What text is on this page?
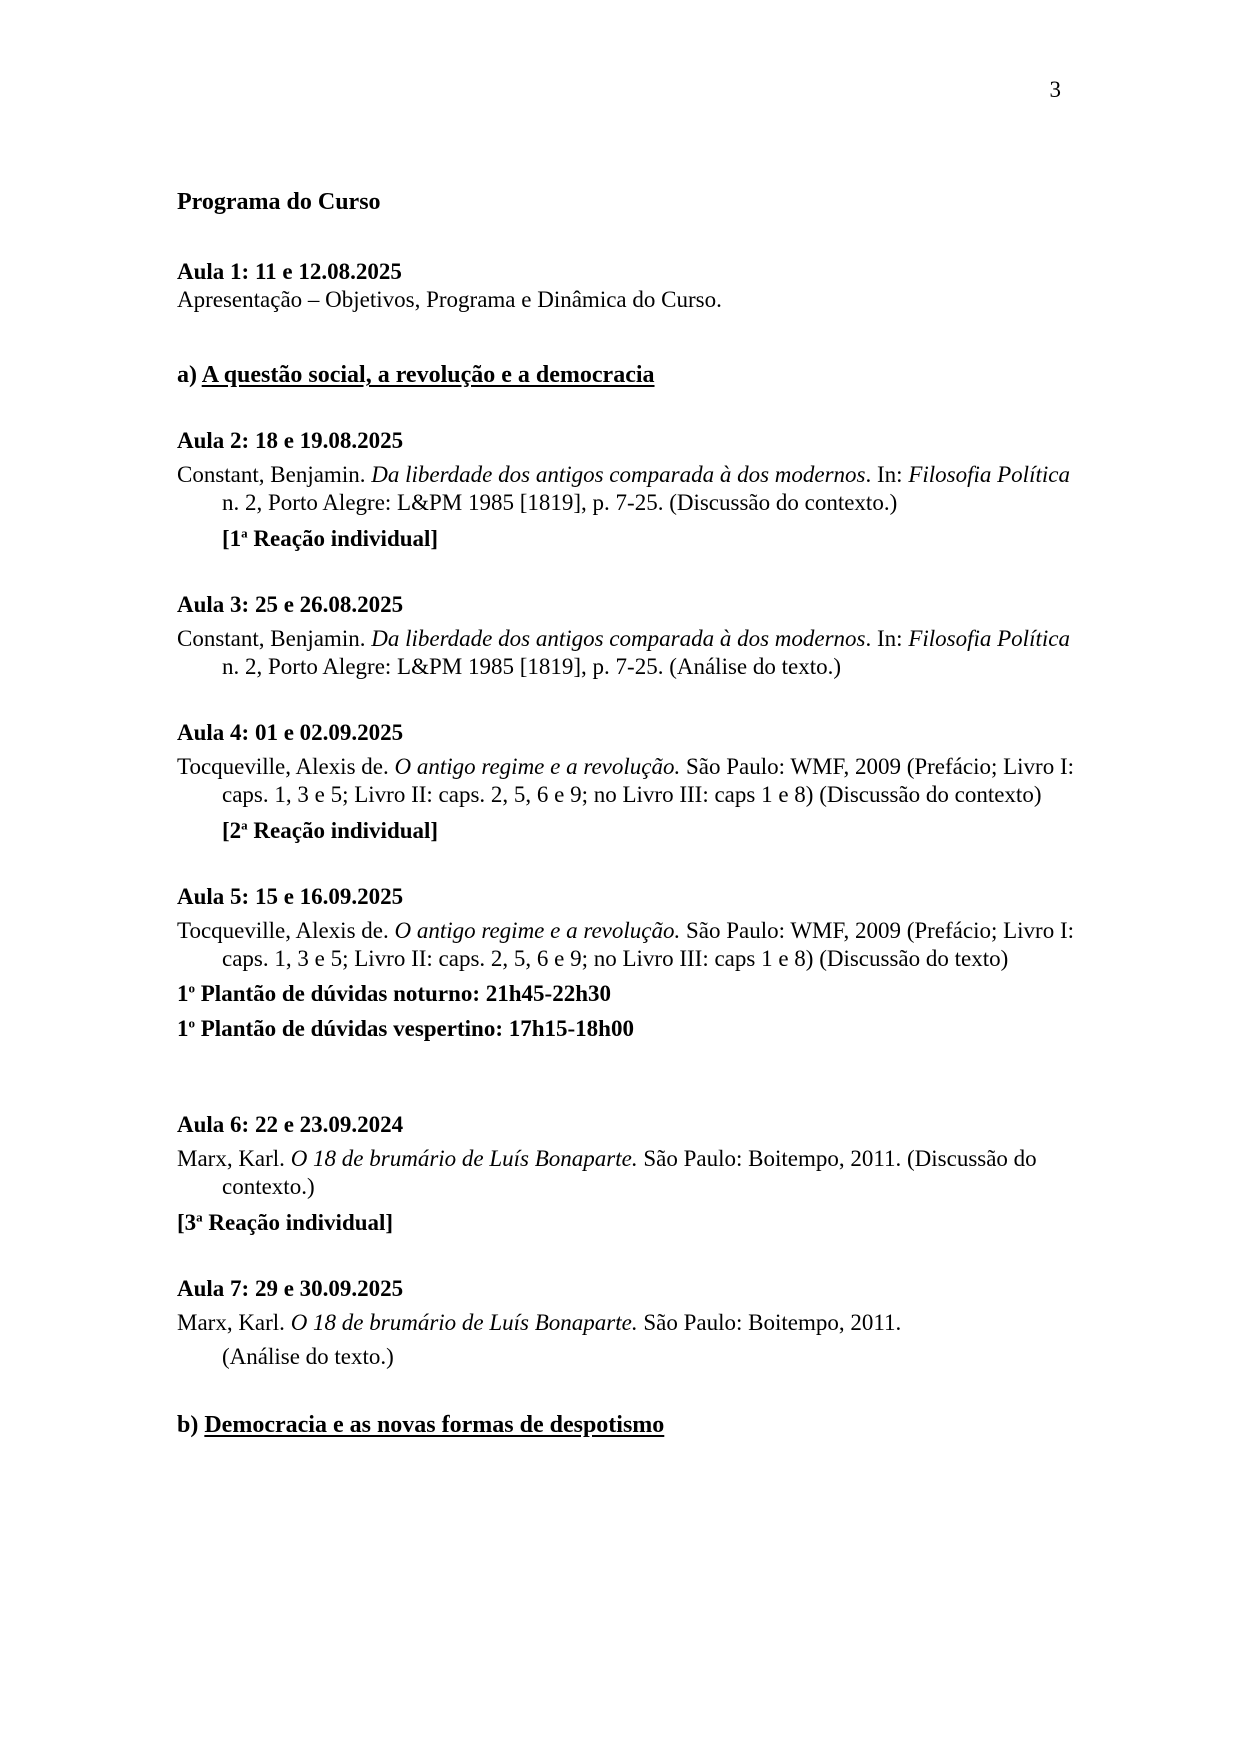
3

Programa do Curso

Aula 1: 11 e 12.08.2025

Apresentação – Objetivos, Programa e Dinâmica do Curso.

a) A questão social, a revolução e a democracia

Aula 2: 18 e 19.08.2025

Constant, Benjamin. Da liberdade dos antigos comparada à dos modernos. In: Filosofia Política n. 2, Porto Alegre: L&PM 1985 [1819], p. 7-25. (Discussão do contexto.)

[1$^a$ Reação individual]

Aula 3: 25 e 26.08.2025

Constant, Benjamin. Da liberdade dos antigos comparada à dos modernos. In: Filosofia Política n. 2, Porto Alegre: L&PM 1985 [1819], p. 7-25. (Análise do texto.)

Aula 4: 01 e 02.09.2025

Tocqueville, Alexis de. O antigo regime e a revolução. São Paulo: WMF, 2009 (Prefácio; Livro I: caps. 1, 3 e 5; Livro II: caps. 2, 5, 6 e 9; no Livro III: caps 1 e 8) (Discussão do contexto)

[2$^a$ Reação individual]

Aula 5: 15 e 16.09.2025

Tocqueville, Alexis de. O antigo regime e a revolução. São Paulo: WMF, 2009 (Prefácio; Livro I: caps. 1, 3 e 5; Livro II: caps. 2, 5, 6 e 9; no Livro III: caps 1 e 8) (Discussão do texto)

1$^o$ Plantão de dúvidas noturno: 21h45-22h30

1$^o$ Plantão de dúvidas vespertino: 17h15-18h00

Aula 6: 22 e 23.09.2024

Marx, Karl. O 18 de brumário de Luís Bonaparte. São Paulo: Boitempo, 2011. (Discussão do contexto.)

[3$^a$ Reação individual]

Aula 7: 29 e 30.09.2025

Marx, Karl. O 18 de brumário de Luís Bonaparte. São Paulo: Boitempo, 2011.

(Análise do texto.)

b) Democracia e as novas formas de despotismo
